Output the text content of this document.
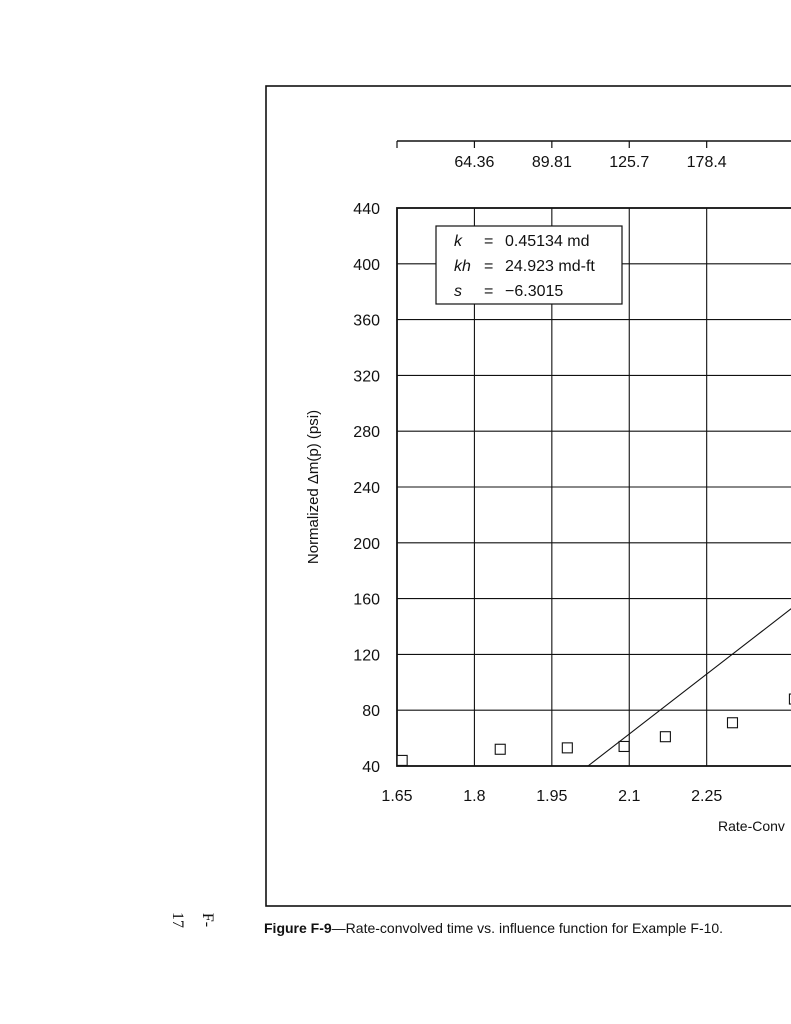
64.36 89.81 125.7 178.4
40
80
120
160
200
240
280
320
360
400
440
1.65	1.8	1.95	2.1	2.25
Normalized Δm(p) (psi)
Rate-Conv
k = 0.45134 md
kh = 24.923 md-ft
s = −6.3015
F-17	Figure F-9—Rate-convolved time vs. influence function for Example F-10.
